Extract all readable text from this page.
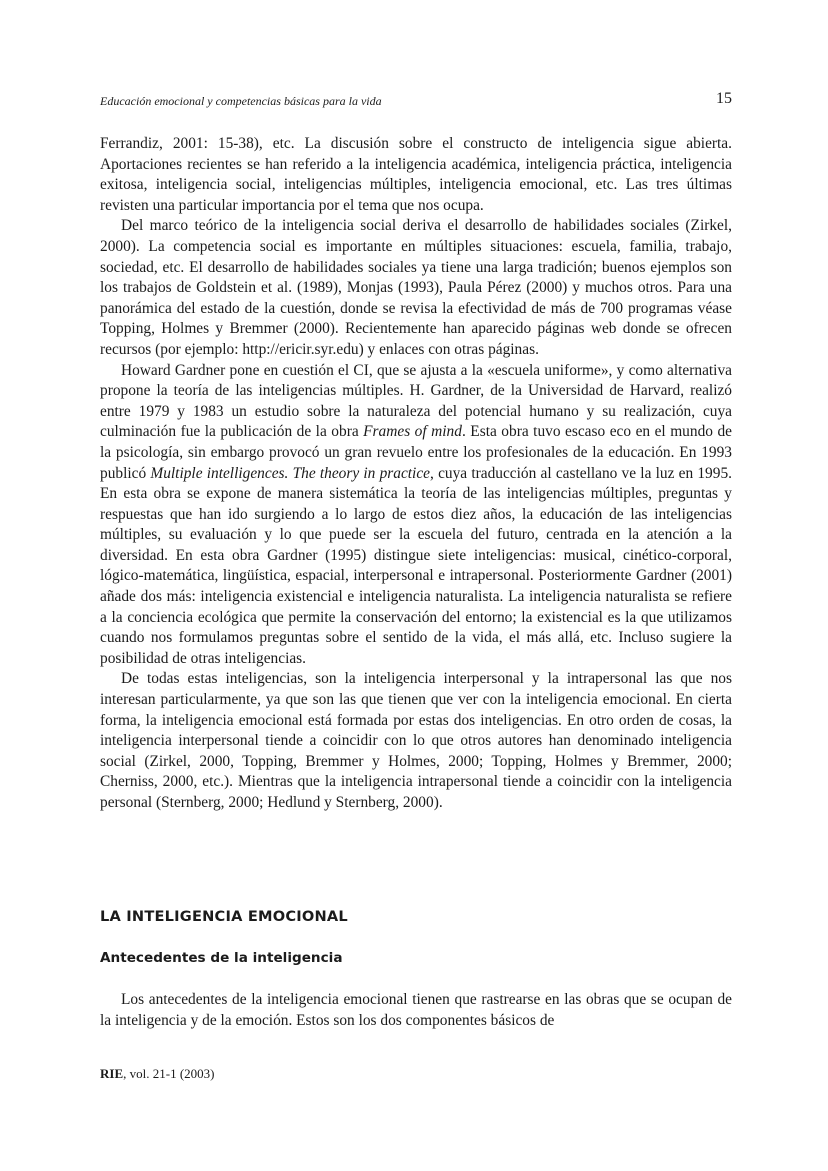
Educación emocional y competencias básicas para la vida	15

Ferrandiz, 2001: 15-38), etc. La discusión sobre el constructo de inteligencia sigue abierta. Aportaciones recientes se han referido a la inteligencia académica, inteligencia práctica, inteligencia exitosa, inteligencia social, inteligencias múltiples, inteligencia emocional, etc. Las tres últimas revisten una particular importancia por el tema que nos ocupa.

Del marco teórico de la inteligencia social deriva el desarrollo de habilidades sociales (Zirkel, 2000). La competencia social es importante en múltiples situaciones: escuela, familia, trabajo, sociedad, etc. El desarrollo de habilidades sociales ya tiene una larga tradición; buenos ejemplos son los trabajos de Goldstein et al. (1989), Monjas (1993), Paula Pérez (2000) y muchos otros. Para una panorámica del estado de la cuestión, donde se revisa la efectividad de más de 700 programas véase Topping, Holmes y Bremmer (2000). Recientemente han aparecido páginas web donde se ofrecen recursos (por ejemplo: http://ericir.syr.edu) y enlaces con otras páginas.

Howard Gardner pone en cuestión el CI, que se ajusta a la «escuela uniforme», y como alternativa propone la teoría de las inteligencias múltiples. H. Gardner, de la Universidad de Harvard, realizó entre 1979 y 1983 un estudio sobre la naturaleza del potencial humano y su realización, cuya culminación fue la publicación de la obra Frames of mind. Esta obra tuvo escaso eco en el mundo de la psicología, sin embargo provocó un gran revuelo entre los profesionales de la educación. En 1993 publicó Multiple intelligences. The theory in practice, cuya traducción al castellano ve la luz en 1995. En esta obra se expone de manera sistemática la teoría de las inteligencias múltiples, preguntas y respuestas que han ido surgiendo a lo largo de estos diez años, la educación de las inteligencias múltiples, su evaluación y lo que puede ser la escuela del futuro, centrada en la atención a la diversidad. En esta obra Gardner (1995) distingue siete inteligencias: musical, cinético-corporal, lógico-matemática, lingüística, espacial, interpersonal e intrapersonal. Posteriormente Gardner (2001) añade dos más: inteligencia existencial e inteligencia naturalista. La inteligencia naturalista se refiere a la conciencia ecológica que permite la conservación del entorno; la existencial es la que utilizamos cuando nos formulamos preguntas sobre el sentido de la vida, el más allá, etc. Incluso sugiere la posibilidad de otras inteligencias.

De todas estas inteligencias, son la inteligencia interpersonal y la intrapersonal las que nos interesan particularmente, ya que son las que tienen que ver con la inteligencia emocional. En cierta forma, la inteligencia emocional está formada por estas dos inteligencias. En otro orden de cosas, la inteligencia interpersonal tiende a coincidir con lo que otros autores han denominado inteligencia social (Zirkel, 2000, Topping, Bremmer y Holmes, 2000; Topping, Holmes y Bremmer, 2000; Cherniss, 2000, etc.). Mientras que la inteligencia intrapersonal tiende a coincidir con la inteligencia personal (Sternberg, 2000; Hedlund y Sternberg, 2000).

LA INTELIGENCIA EMOCIONAL
Antecedentes de la inteligencia

Los antecedentes de la inteligencia emocional tienen que rastrearse en las obras que se ocupan de la inteligencia y de la emoción. Estos son los dos componentes básicos de

RIE, vol. 21-1 (2003)
